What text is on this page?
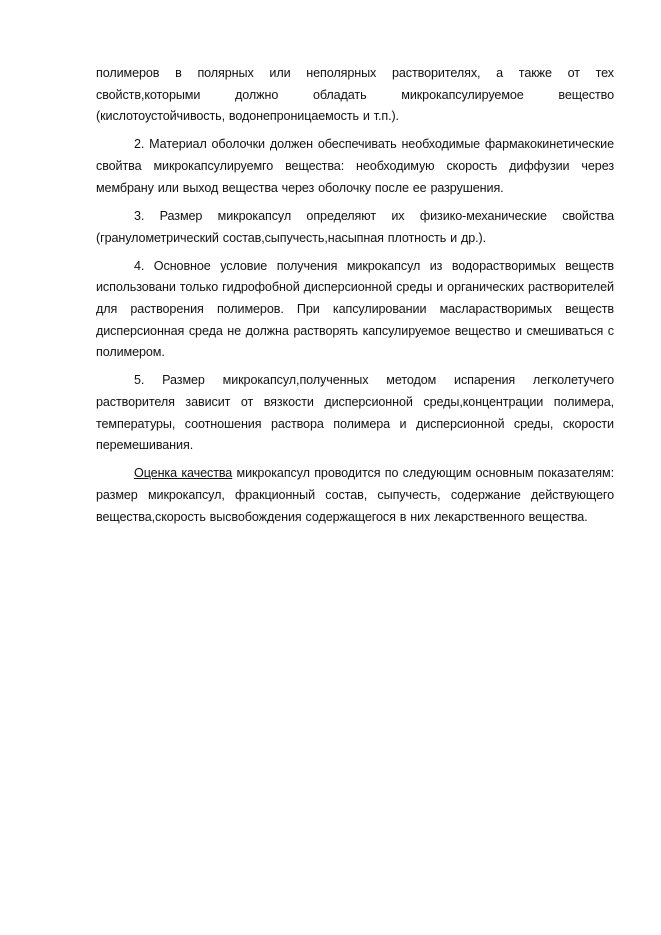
полимеров в полярных или неполярных растворителях, а также от тех свойств,которыми должно обладать микрокапсулируемое вещество (кислотоустойчивость, водонепроницаемость и т.п.).

2. Материал оболочки должен обеспечивать необходимые фармакокинетические свойтва микрокапсулируемго вещества: необходимую скорость диффузии через мембрану или выход вещества через оболочку после ее разрушения.

3. Размер микрокапсул определяют их физико-механические свойства (гранулометрический состав,сыпучесть,насыпная плотность и др.).

4. Основное условие получения микрокапсул из водорастворимых веществ использовани только гидрофобной дисперсионной среды и органических растворителей для растворения полимеров. При капсулировании масларастворимых веществ дисперсионная среда не должна растворять капсулируемое вещество и смешиваться с полимером.

5. Размер микрокапсул,полученных методом испарения легколетучего растворителя зависит от вязкости дисперсионной среды,концентрации полимера, температуры, соотношения раствора полимера и дисперсионной среды, скорости перемешивания.

Оценка качества микрокапсул проводится по следующим основным показателям: размер микрокапсул, фракционный состав, сыпучесть, содержание действующего вещества,скорость высвобождения содержащегося в них лекарственного вещества.
